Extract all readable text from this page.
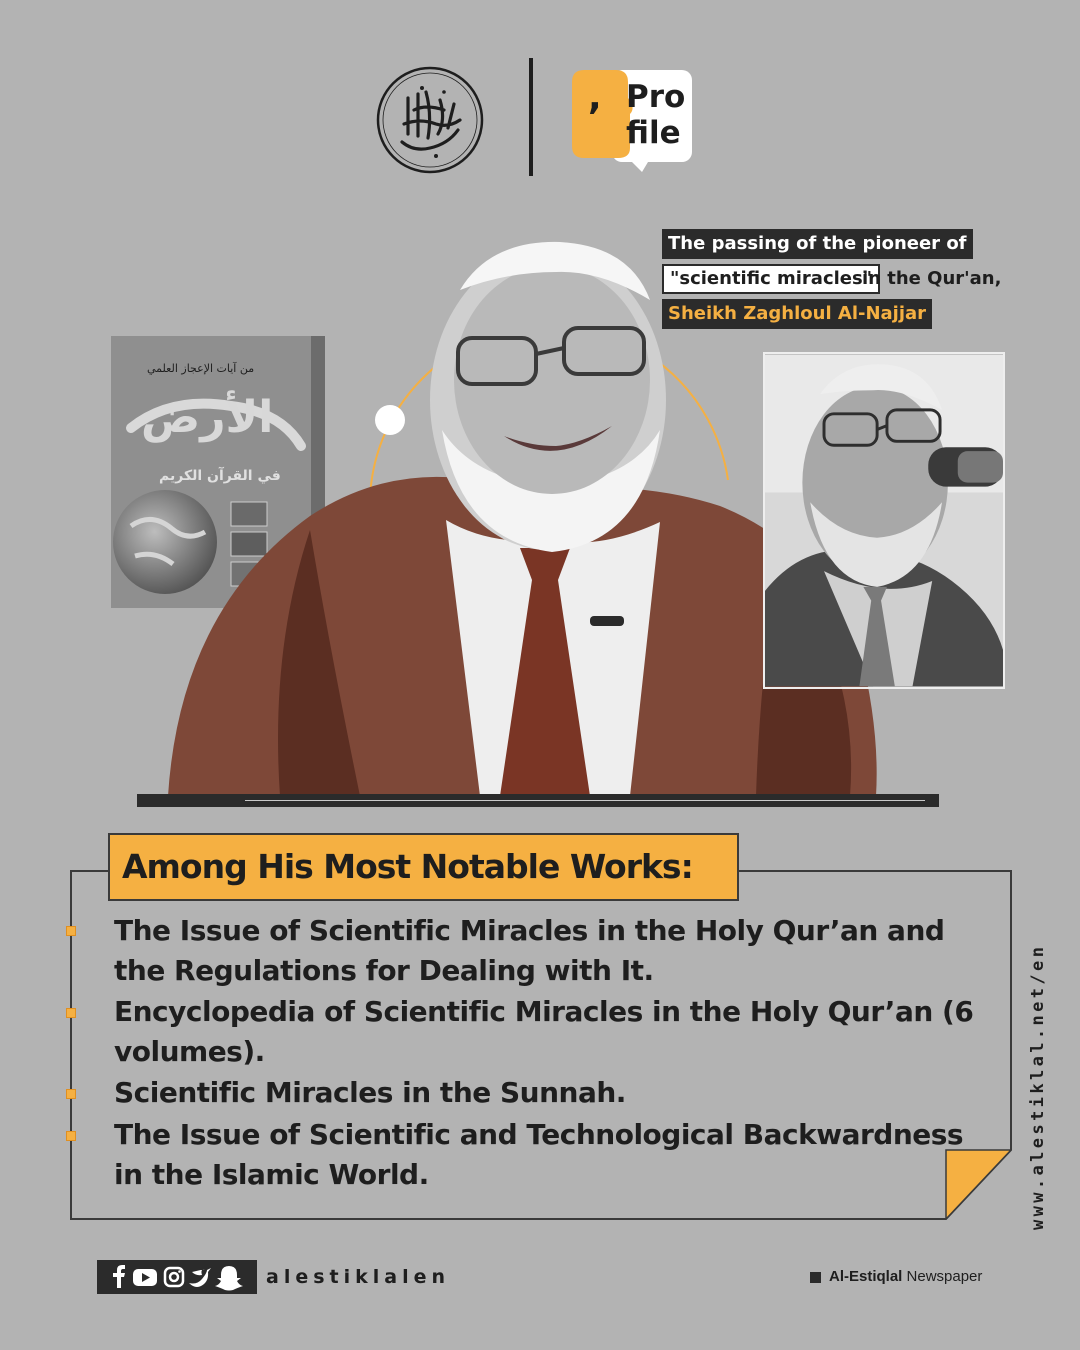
, Pro
file
من آيات الإعجاز العلمي
الأرض
في القرآن الكريم
The passing of the pioneer of
"scientific miracles"
in the Qur'an,
Sheikh Zaghloul Al-Najjar
Among His Most Notable Works:
The Issue of Scientific Miracles in the Holy Qur’an and the Regulations for Dealing with It.
Encyclopedia of Scientific Miracles in the Holy Qur’an (6 volumes).
Scientific Miracles in the Sunnah.
The Issue of Scientific and Technological Backwardness in the Islamic World.	www.alestiklal.net/en
alestiklalen	Al-Estiqlal Newspaper
